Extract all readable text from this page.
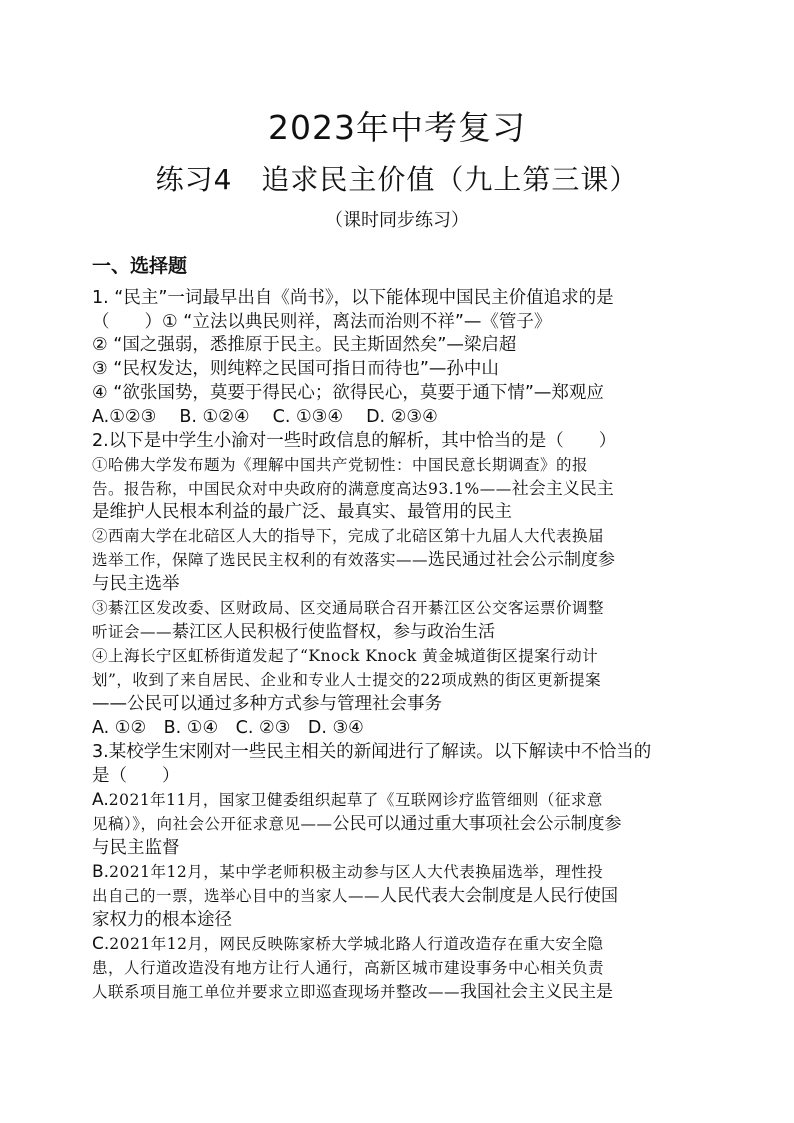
2023年中考复习
练习4　追求民主价值（九上第三课）
（课时同步练习）
一、选择题
1. “民主”一词最早出自《尚书》，以下能体现中国民主价值追求的是
（　　）① “立法以典民则祥，离法而治则不祥”—《管子》
② “国之强弱，悉推原于民主。民主斯固然矣”—梁启超
③ “民权发达，则纯粹之民国可指日而待也”—孙中山
④ “欲张国势，莫要于得民心；欲得民心，莫要于通下情”—郑观应
A.①②③　 B. ①②④　 C. ①③④　 D. ②③④
2.以下是中学生小渝对一些时政信息的解析，其中恰当的是（　　）
①哈佛大学发布题为《理解中国共产党韧性：中国民意长期调查》的报
告。报告称，中国民众对中央政府的满意度高达93.1%——社会主义民主
是维护人民根本利益的最广泛、最真实、最管用的民主
②西南大学在北碚区人大的指导下，完成了北碚区第十九届人大代表换届
选举工作，保障了选民民主权利的有效落实——选民通过社会公示制度参
与民主选举
③綦江区发改委、区财政局、区交通局联合召开綦江区公交客运票价调整
听证会——綦江区人民积极行使监督权，参与政治生活
④上海长宁区虹桥街道发起了“Knock Knock 黄金城道街区提案行动计
划”，收到了来自居民、企业和专业人士提交的22项成熟的街区更新提案
——公民可以通过多种方式参与管理社会事务
A. ①②　B. ①④　C. ②③　D. ③④
3.某校学生宋刚对一些民主相关的新闻进行了解读。以下解读中不恰当的
是（　　）
A.2021年11月，国家卫健委组织起草了《互联网诊疗监管细则（征求意
见稿）》，向社会公开征求意见——公民可以通过重大事项社会公示制度参
与民主监督
B.2021年12月，某中学老师积极主动参与区人大代表换届选举，理性投
出自己的一票，选举心目中的当家人——人民代表大会制度是人民行使国
家权力的根本途径
C.2021年12月，网民反映陈家桥大学城北路人行道改造存在重大安全隐
患，人行道改造没有地方让行人通行，高新区城市建设事务中心相关负责
人联系项目施工单位并要求立即巡查现场并整改——我国社会主义民主是
